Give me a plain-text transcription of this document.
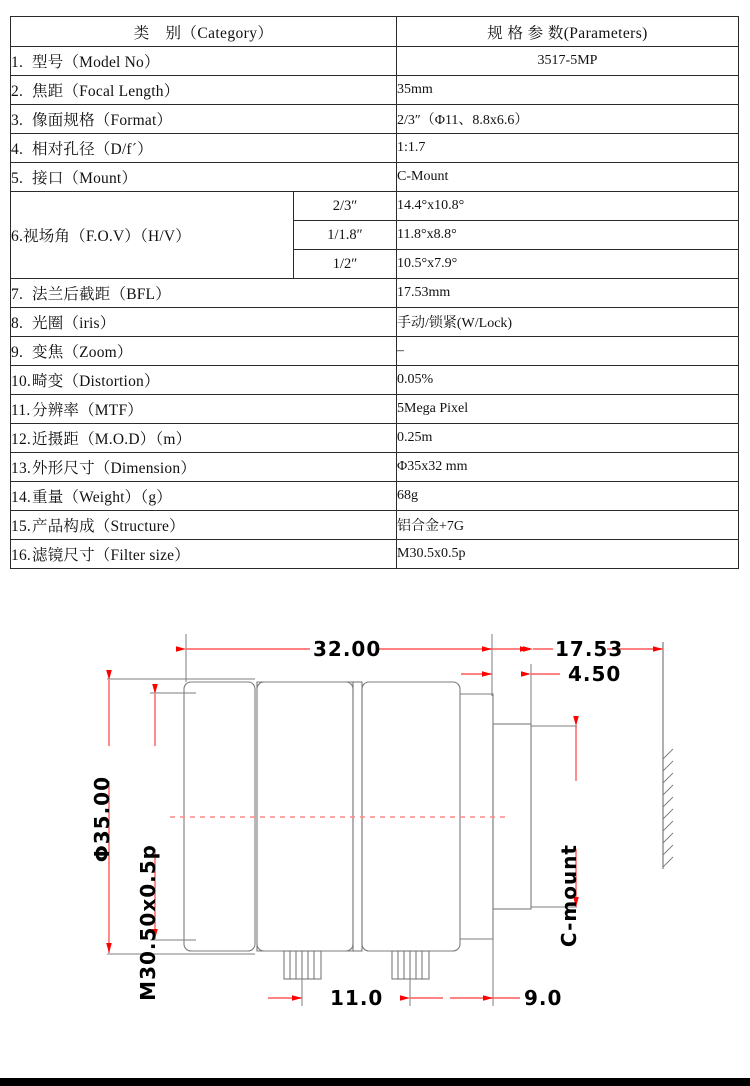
类　别（Category）		规 格 参 数(Parameters)
1. 型号（Model No）		3517-5MP
2. 焦距（Focal Length）		35mm
3. 像面规格（Format）		2/3″（Φ11、8.8x6.6）
4. 相对孔径（D/f´）		1:1.7
5. 接口（Mount）		C-Mount
6.视场角（F.O.V）（H/V）	2/3″	14.4°x10.8°
	1/1.8″	11.8°x8.8°
	1/2″	10.5°x7.9°
7. 法兰后截距（BFL）		17.53mm
8. 光圈（iris）		手动/锁紧(W/Lock)
9. 变焦（Zoom）		–
10.畸变（Distortion）		0.05%
11. 分辨率（MTF）		5Mega Pixel
12.近摄距（M.O.D）（m）		0.25m
13.外形尺寸（Dimension）		Φ35x32 mm
14.重量（Weight）（g）		68g
15.产品构成（Structure）		铝合金+7G
16.滤镜尺寸（Filter size）		M30.5x0.5p
32.00	17.53
4.50
Φ35.00
M30.50x0.5p	C-mount
11.0	9.0
